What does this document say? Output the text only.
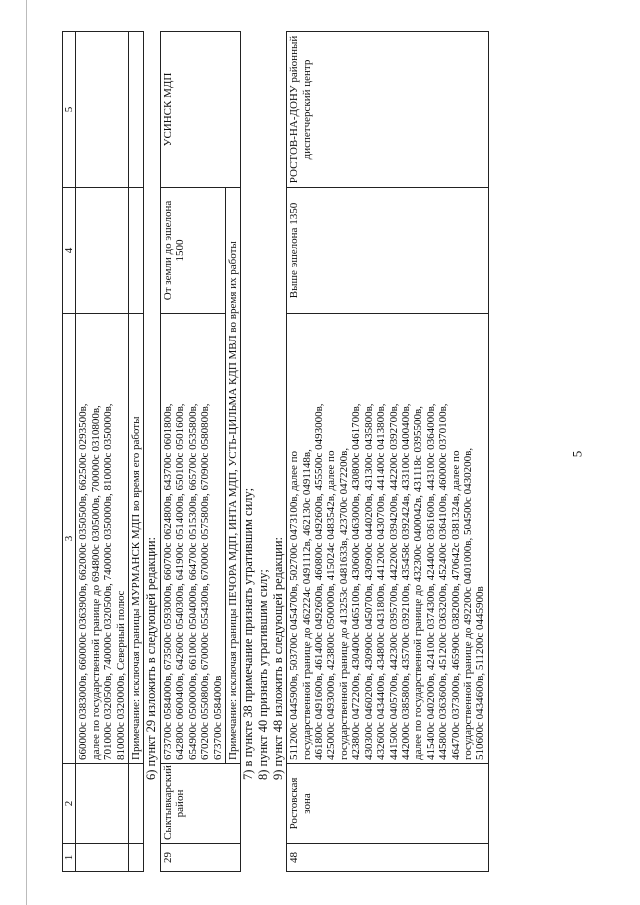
5
1	2	3	4	5
		660000с 0383000в, 660000с 0363900в, 662000с 0350500в, 662500с 0293500в,
далее по государственной границе до 694800с 0305000в, 700000с 0310800в,
701000с 0320500в, 740000с 0320500в, 740000с 0350000в, 810000с 0350000в,
810000с 0320000в, Северный полюс		
		Примечание: исключая границы МУРМАНСК МДП во время его работы		6) пункт 29 изложить в следующей редакции:
29	Сыктывкарский район	673700с 0584000в, 673500с 0593000в, 660700с 0624800в, 643700с 0601800в,
642800с 0600400в, 642600с 0540300в, 641900с 0514000в, 650100с 0501600в,
654900с 0500000в, 661000с 0504000в, 664700с 0515300в, 665700с 0535800в,
670200с 0550800в, 670000с 0554300в, 670000с 0575800в, 670900с 0580800в,
673700с 0584000в	От земли до эшелона 1500	УСИНСК МДП
Примечание: исключая границы ПЕЧОРА МДП, ИНТА МДП, УСТЬ-ЦИЛЬМА КДП МВЛ во время их работы 7) в пункте 38 примечание признать утратившим силу; 8) пункт 40 признать утратившим силу; 9) пункт 48 изложить в следующей редакции:
48	Ростовская зона	511200с 0445900в, 503700с 0454700в, 502700с 0473100в, далее по
государственной границе до 462224с 0491112в, 462130с 0491148в,
461800с 0491600в, 461400с 0492600в, 460800с 0492600в, 455500с 0493000в,
425000с 0493000в, 423800с 0500000в, 415024с 0483542в, далее по
государственной границе до 413253с 0481633в, 423700с 0472200в,
423800с 0472200в, 430400с 0465100в, 430600с 0463000в, 430800с 0461700в,
430300с 0460200в, 430900с 0450700в, 430900с 0440200в, 431300с 0435800в,
432600с 0434400в, 434800с 0431800в, 441200с 0430700в, 441400с 0413800в,
441500с 0405700в, 442300с 0395700в, 442200с 0394200в, 442200с 0392700в,
442000с 0385800в, 435700с 0392100в, 435458с 0392424в, 433100с 0400400в,
далее по государственной границе до 432300с 0400042в, 431118с 0395500в,
415400с 0402000в, 424100с 0374300в, 424400с 0361600в, 443100с 0364000в,
445800с 0363600в, 451200с 0363200в, 452400с 0364100в, 460000с 0370100в,
464700с 0373000в, 465900с 0382000в, 470642с 0381324в, далее по
государственной границе до 492200с 0401000в, 504500с 0430200в,
510600с 0434600в, 511200с 0445900в	Выше эшелона 1350	РОСТОВ-НА-ДОНУ районный диспетчерский центр
